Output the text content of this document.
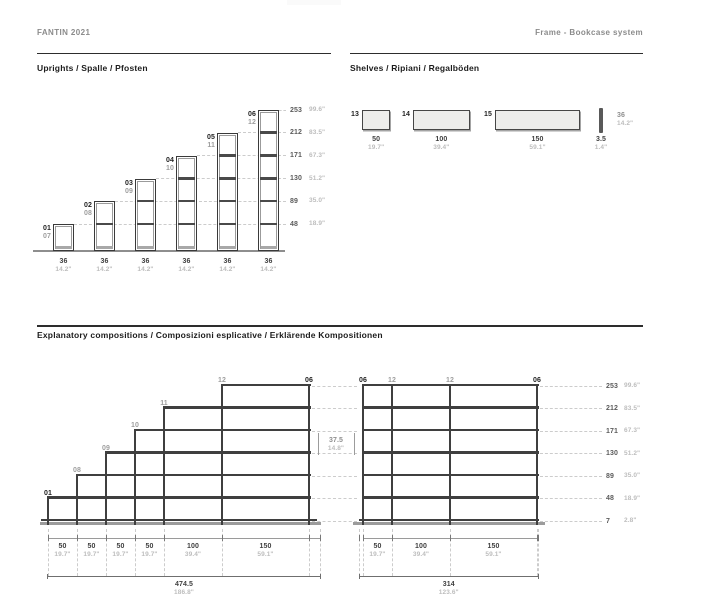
FANTIN 2021	Frame - Bookcase system
Uprights / Spalle / Pfosten	Shelves / Ripiani / Regalböden
253 99.6"
212 83.5"
171 67.3"
130 51.2"
89 35.0"
48 18.9"
01
07
36
14.2"
02
08
36
14.2"
03
09
36
14.2"
04
10
36
14.2"
05
11
36
14.2"
06
12
36
14.2"
13
50
19.7"
14
100
39.4"
15
150
59.1"
3.5
1.4"
36
14.2"
Explanatory compositions / Composizioni esplicative / Erklärende Kompositionen
253 99.6"
212 83.5"
171 67.3"
130 51.2"
89 35.0"
48 18.9"
7 2.8"
01
08
09
10
11
12	06
50
19.7"
50
19.7"
50
19.7"
50
19.7"
100
39.4"
150
59.1"
474.5
186.8"
06	12	12	06
50
19.7"
100
39.4"
150
59.1"
314
123.6"
37.5
14.8"
